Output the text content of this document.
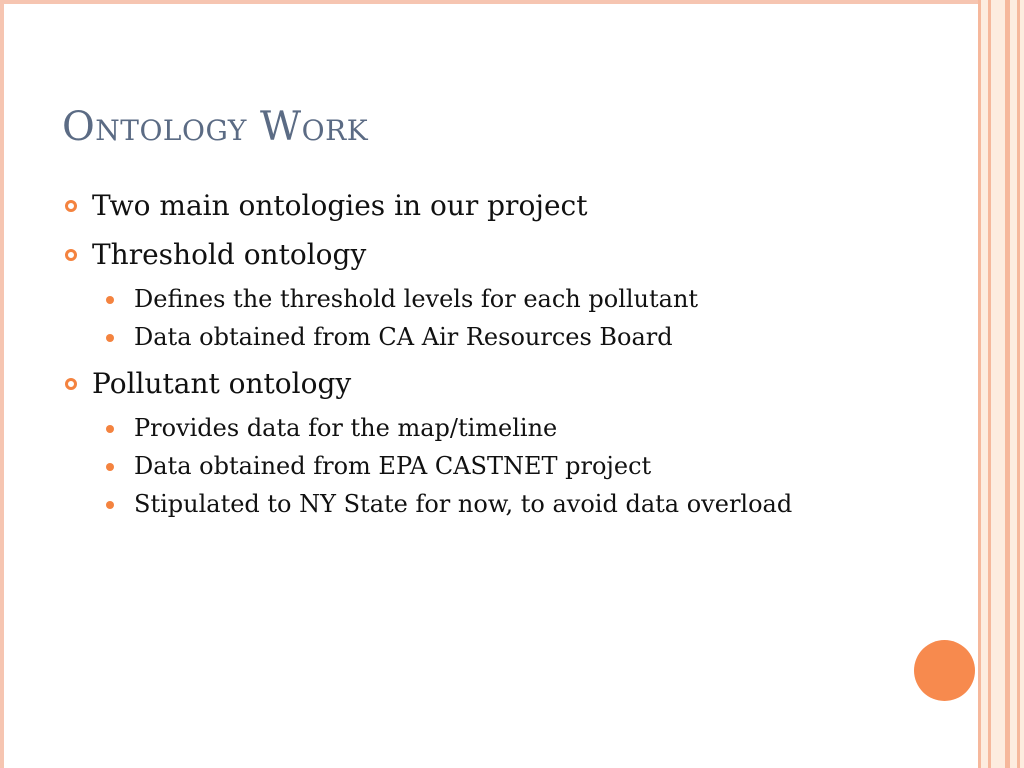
Ontology Work
Two main ontologies in our project
Threshold ontology
Defines the threshold levels for each pollutant
Data obtained from CA Air Resources Board
Pollutant ontology
Provides data for the map/timeline
Data obtained from EPA CASTNET project
Stipulated to NY State for now, to avoid data overload
